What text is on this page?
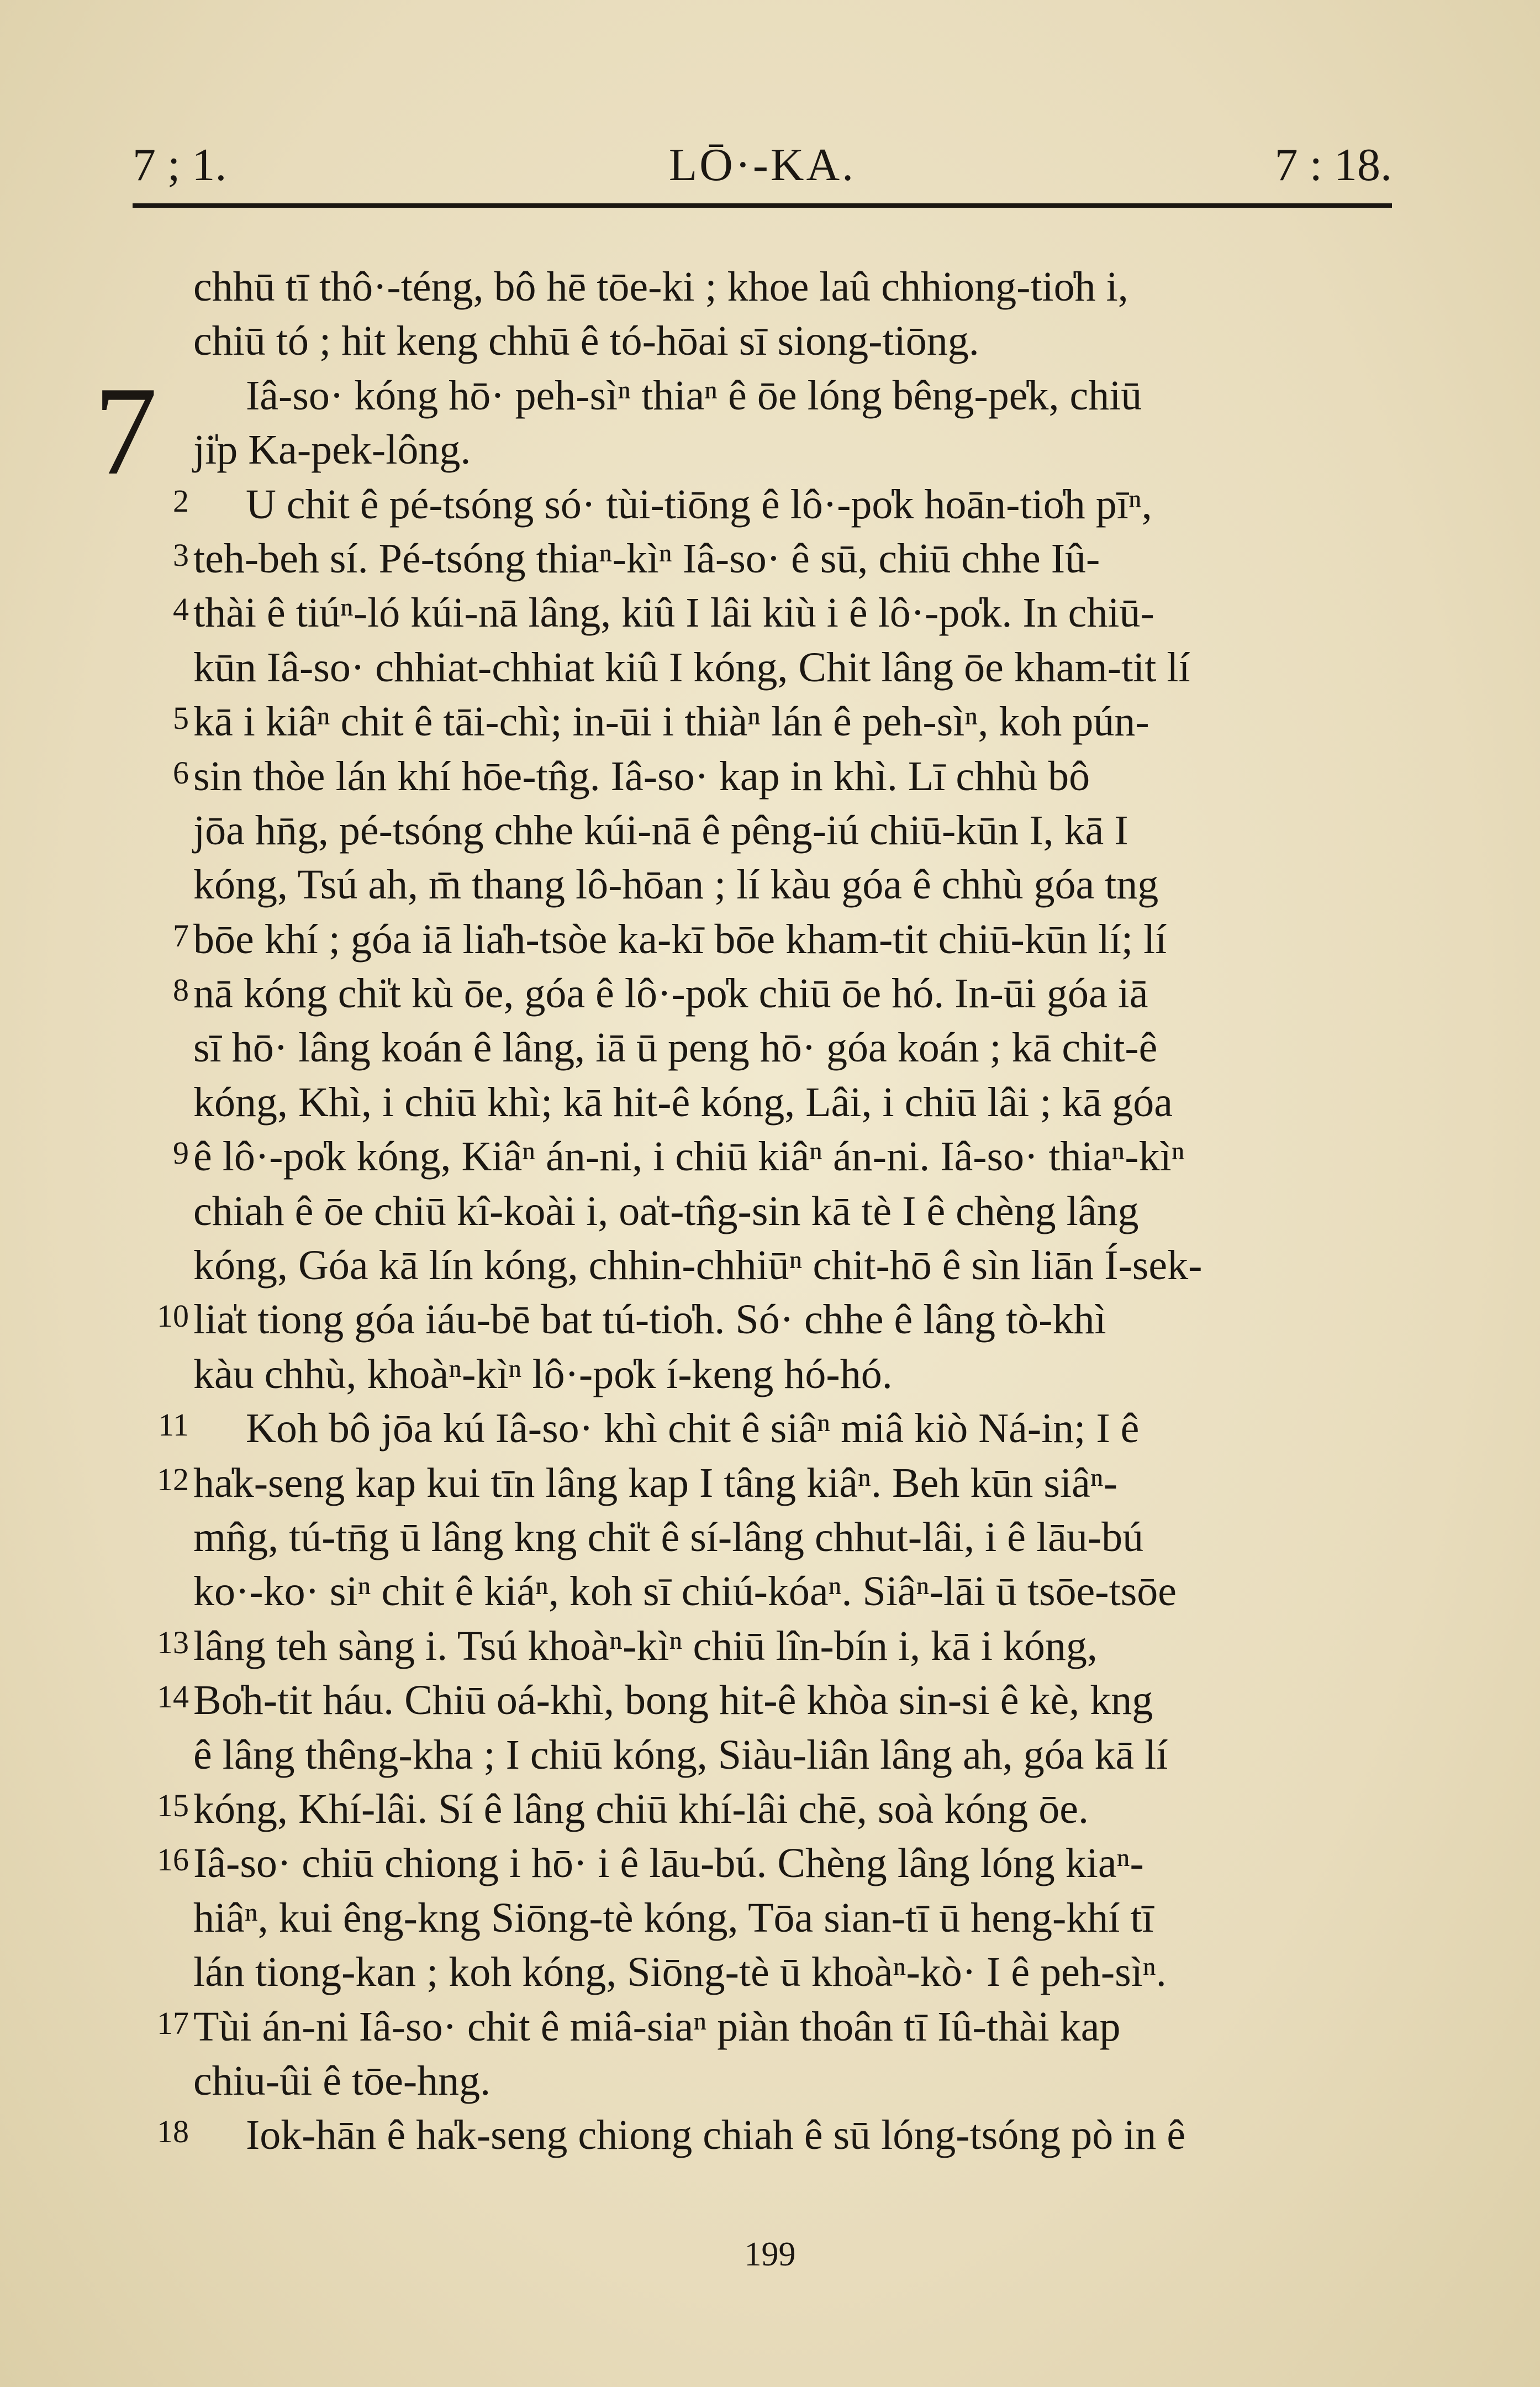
7 ; 1.	LŌ·-KA.	7 : 18.
7
chhū tī thô·-téng, bô hē tōe-ki ; khoe laû chhiong-tio̍h i,
chiū tó ; hit keng chhū ê tó-hōai sī siong-tiōng.
Iâ-so· kóng hō· peh-sìⁿ thiaⁿ ê ōe lóng bêng-pe̍k, chiū
ji̍p Ka-pek-lông.
2 U chit ê pé-tsóng só· tùi-tiōng ê lô·-po̍k hoān-tio̍h pīⁿ,
3 teh-beh sí. Pé-tsóng thiaⁿ-kìⁿ Iâ-so· ê sū, chiū chhe Iû-
4 thài ê tiúⁿ-ló kúi-nā lâng, kiû I lâi kiù i ê lô·-po̍k. In chiū-
kūn Iâ-so· chhiat-chhiat kiû I kóng, Chit lâng ōe kham-tit lí
5 kā i kiâⁿ chit ê tāi-chì; in-ūi i thiàⁿ lán ê peh-sìⁿ, koh pún-
6 sin thòe lán khí hōe-tn̂g. Iâ-so· kap in khì. Lī chhù bô
jōa hn̄g, pé-tsóng chhe kúi-nā ê pêng-iú chiū-kūn I, kā I
kóng, Tsú ah, m̄ thang lô-hōan ; lí kàu góa ê chhù góa tng
7 bōe khí ; góa iā lia̍h-tsòe ka-kī bōe kham-tit chiū-kūn lí; lí
8 nā kóng chi̍t kù ōe, góa ê lô·-po̍k chiū ōe hó. In-ūi góa iā
sī hō· lâng koán ê lâng, iā ū peng hō· góa koán ; kā chit-ê
kóng, Khì, i chiū khì; kā hit-ê kóng, Lâi, i chiū lâi ; kā góa
9 ê lô·-po̍k kóng, Kiâⁿ án-ni, i chiū kiâⁿ án-ni. Iâ-so· thiaⁿ-kìⁿ
chiah ê ōe chiū kî-koài i, oa̍t-tn̂g-sin kā tè I ê chèng lâng
kóng, Góa kā lín kóng, chhin-chhiūⁿ chit-hō ê sìn liān Í-sek-
10 lia̍t tiong góa iáu-bē bat tú-tio̍h. Só· chhe ê lâng tò-khì
kàu chhù, khoàⁿ-kìⁿ lô·-po̍k í-keng hó-hó.
11 Koh bô jōa kú Iâ-so· khì chit ê siâⁿ miâ kiò Ná-in; I ê
12 ha̍k-seng kap kui tīn lâng kap I tâng kiâⁿ. Beh kūn siâⁿ-
mn̂g, tú-tn̄g ū lâng kng chi̍t ê sí-lâng chhut-lâi, i ê lāu-bú
ko·-ko· siⁿ chit ê kiáⁿ, koh sī chiú-kóaⁿ. Siâⁿ-lāi ū tsōe-tsōe
13 lâng teh sàng i. Tsú khoàⁿ-kìⁿ chiū lîn-bín i, kā i kóng,
14 Bo̍h-tit háu. Chiū oá-khì, bong hit-ê khòa sin-si ê kè, kng
ê lâng thêng-kha ; I chiū kóng, Siàu-liân lâng ah, góa kā lí
15 kóng, Khí-lâi. Sí ê lâng chiū khí-lâi chē, soà kóng ōe.
16 Iâ-so· chiū chiong i hō· i ê lāu-bú. Chèng lâng lóng kiaⁿ-
hiâⁿ, kui êng-kng Siōng-tè kóng, Tōa sian-tī ū heng-khí tī
lán tiong-kan ; koh kóng, Siōng-tè ū khoàⁿ-kò· I ê peh-sìⁿ.
17 Tùi án-ni Iâ-so· chit ê miâ-siaⁿ piàn thoân tī Iû-thài kap
chiu-ûi ê tōe-hng.
18 Iok-hān ê ha̍k-seng chiong chiah ê sū lóng-tsóng pò in ê
199
